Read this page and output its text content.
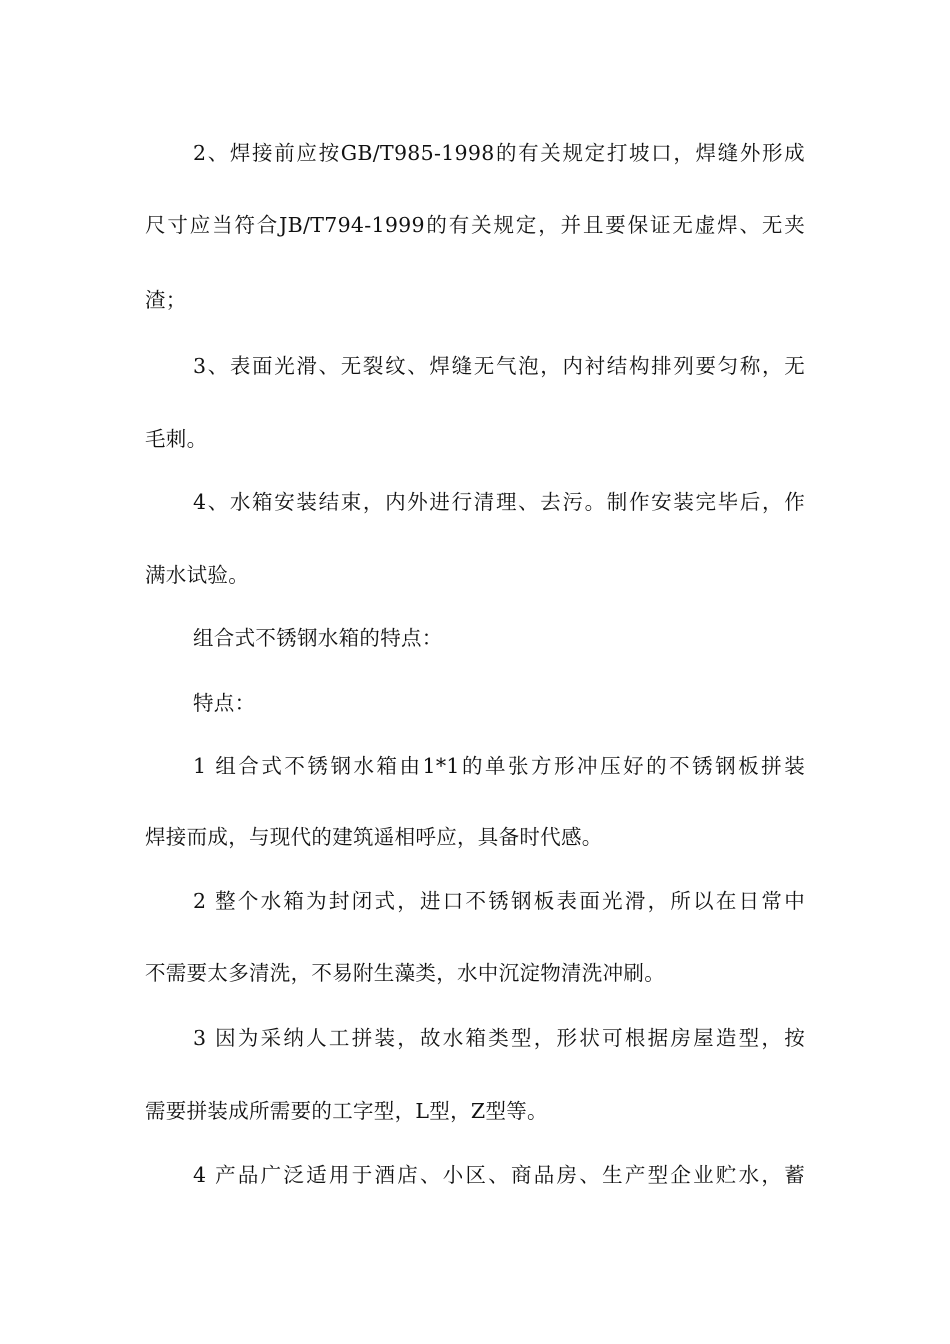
2、焊接前应按GB/T985-1998的有关规定打坡口，焊缝外形成
尺寸应当符合JB/T794-1999的有关规定，并且要保证无虚焊、无夹
渣；
3、表面光滑、无裂纹、焊缝无气泡，内衬结构排列要匀称，无
毛刺。
4、水箱安装结束，内外进行清理、去污。制作安装完毕后，作
满水试验。
组合式不锈钢水箱的特点：
特点：
1 组合式不锈钢水箱由1*1的单张方形冲压好的不锈钢板拼装
焊接而成，与现代的建筑遥相呼应，具备时代感。
2 整个水箱为封闭式，进口不锈钢板表面光滑，所以在日常中
不需要太多清洗，不易附生藻类，水中沉淀物清洗冲刷。
3 因为采纳人工拼装，故水箱类型，形状可根据房屋造型，按
需要拼装成所需要的工字型，L型，Z型等。
4 产品广泛适用于酒店、小区、商品房、生产型企业贮水，蓄
